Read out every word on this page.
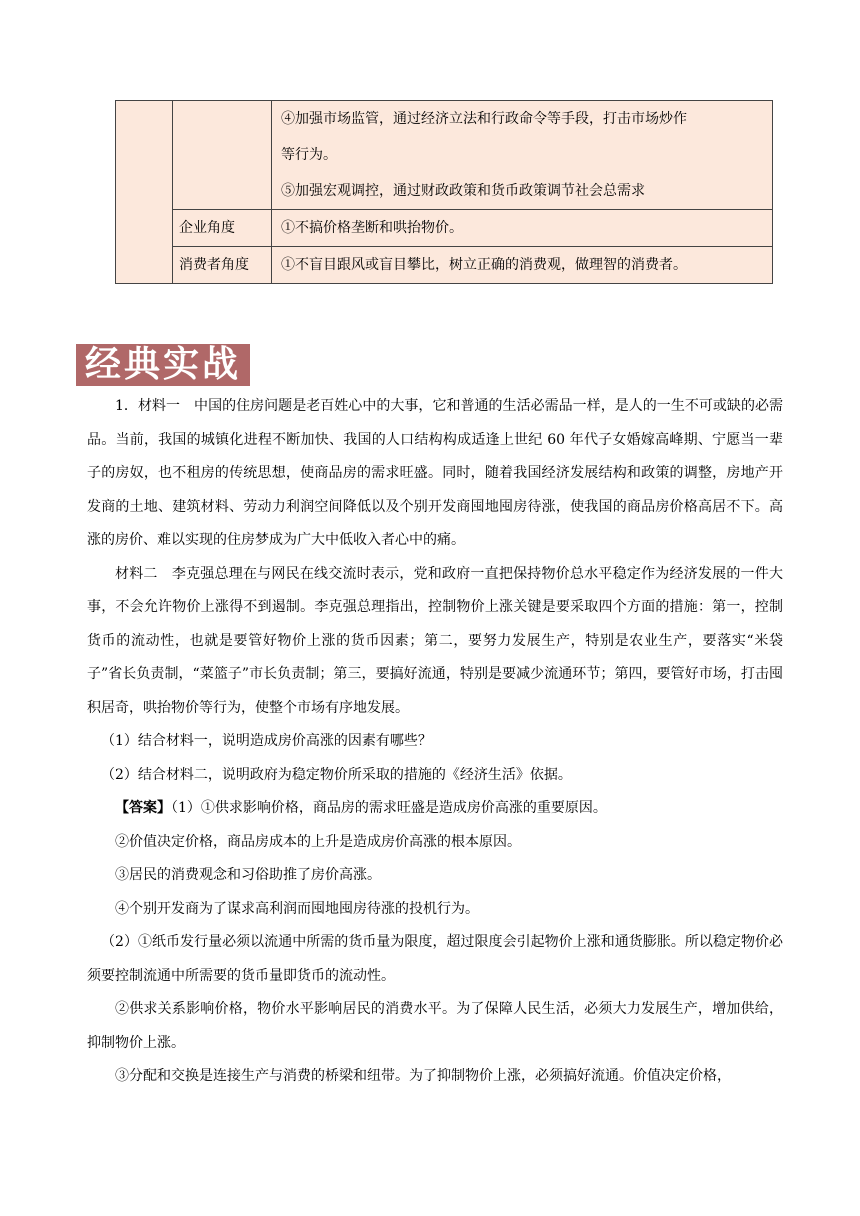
		④加强市场监管，通过经济立法和行政命令等手段，打击市场炒作
等行为。
⑤加强宏观调控，通过财政政策和货币政策调节社会总需求

	企业角度	①不搞价格垄断和哄抬物价。
	消费者角度	①不盲目跟风或盲目攀比，树立正确的消费观，做理智的消费者。
经典实战

1．材料一　中国的住房问题是老百姓心中的大事，它和普通的生活必需品一样，是人的一生不可或缺的必需品。当前，我国的城镇化进程不断加快、我国的人口结构构成适逢上世纪 60 年代子女婚嫁高峰期、宁愿当一辈子的房奴，也不租房的传统思想，使商品房的需求旺盛。同时，随着我国经济发展结构和政策的调整，房地产开发商的土地、建筑材料、劳动力利润空间降低以及个别开发商囤地囤房待涨，使我国的商品房价格高居不下。高涨的房价、难以实现的住房梦成为广大中低收入者心中的痛。

材料二　李克强总理在与网民在线交流时表示，党和政府一直把保持物价总水平稳定作为经济发展的一件大事，不会允许物价上涨得不到遏制。李克强总理指出，控制物价上涨关键是要采取四个方面的措施：第一，控制货币的流动性，也就是要管好物价上涨的货币因素；第二，要努力发展生产，特别是农业生产，要落实“米袋子”省长负责制，“菜篮子”市长负责制；第三，要搞好流通，特别是要减少流通环节；第四，要管好市场，打击囤积居奇，哄抬物价等行为，使整个市场有序地发展。

（1）结合材料一，说明造成房价高涨的因素有哪些？

（2）结合材料二，说明政府为稳定物价所采取的措施的《经济生活》依据。

【答案】（1）①供求影响价格，商品房的需求旺盛是造成房价高涨的重要原因。

②价值决定价格，商品房成本的上升是造成房价高涨的根本原因。

③居民的消费观念和习俗助推了房价高涨。

④个别开发商为了谋求高利润而囤地囤房待涨的投机行为。

（2）①纸币发行量必须以流通中所需的货币量为限度，超过限度会引起物价上涨和通货膨胀。所以稳定物价必须要控制流通中所需要的货币量即货币的流动性。

②供求关系影响价格，物价水平影响居民的消费水平。为了保障人民生活，必须大力发展生产，增加供给，抑制物价上涨。

③分配和交换是连接生产与消费的桥梁和纽带。为了抑制物价上涨，必须搞好流通。价值决定价格，
